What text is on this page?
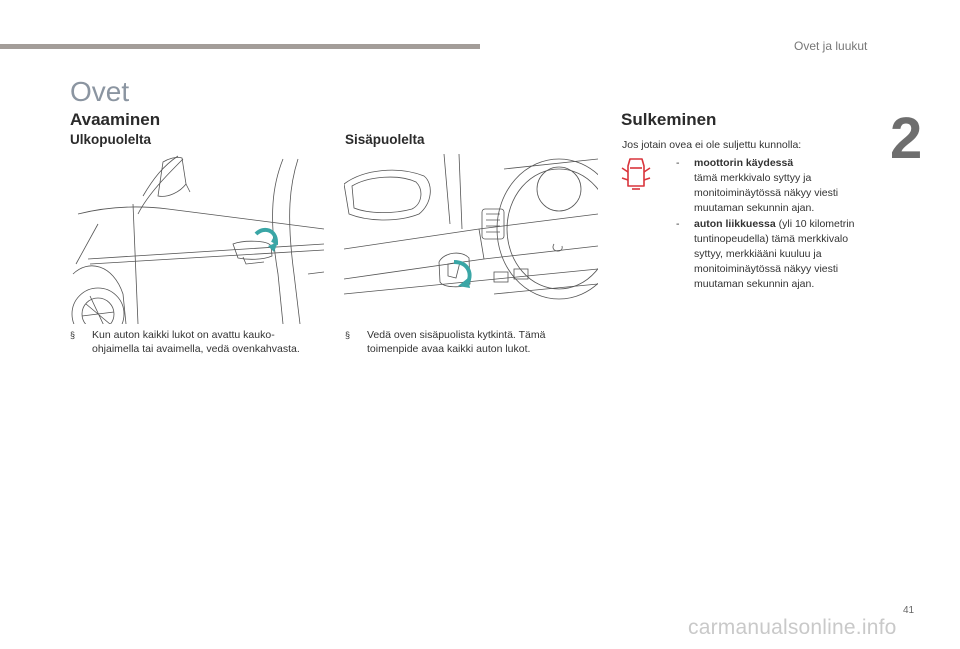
Ovet ja luukut
2
Ovet
Avaaminen
Ulkopuolelta	Sisäpuolelta
§	Kun auton kaikki lukot on avattu kauko-ohjaimella tai avaimella, vedä ovenkahvasta.
§	Vedä oven sisäpuolista kytkintä. Tämä toimenpide avaa kaikki auton lukot.
Sulkeminen
Jos jotain ovea ei ole suljettu kunnolla:
- moottorin käydessä
tämä merkkivalo syttyy ja monitoiminäytössä näkyy viesti muutaman sekunnin ajan.
- auton liikkuessa (yli 10 kilometrin tuntinopeudella) tämä merkkivalo syttyy, merkkiääni kuuluu ja monitoiminäytössä näkyy viesti muutaman sekunnin ajan.
41
carmanualsonline.info
